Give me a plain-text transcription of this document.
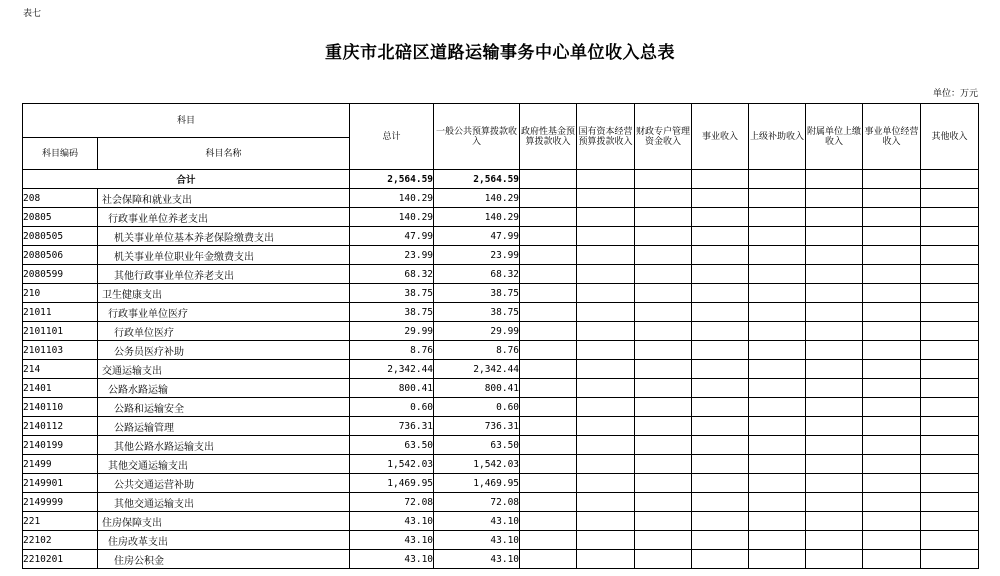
表七
重庆市北碚区道路运输事务中心单位收入总表
单位：万元
科目		总计	一般公共预算拨款收入	政府性基金预算拨款收入	国有资本经营预算拨款收入	财政专户管理资金收入	事业收入	上级补助收入	附属单位上缴收入	事业单位经营收入	其他收入
科目编码	科目名称										
合计		2,564.59	2,564.59								
208	社会保障和就业支出	140.29	140.29								
20805	行政事业单位养老支出	140.29	140.29								
2080505	机关事业单位基本养老保险缴费支出	47.99	47.99								
2080506	机关事业单位职业年金缴费支出	23.99	23.99								
2080599	其他行政事业单位养老支出	68.32	68.32								
210	卫生健康支出	38.75	38.75								
21011	行政事业单位医疗	38.75	38.75								
2101101	行政单位医疗	29.99	29.99								
2101103	公务员医疗补助	8.76	8.76								
214	交通运输支出	2,342.44	2,342.44								
21401	公路水路运输	800.41	800.41								
2140110	公路和运输安全	0.60	0.60								
2140112	公路运输管理	736.31	736.31								
2140199	其他公路水路运输支出	63.50	63.50								
21499	其他交通运输支出	1,542.03	1,542.03								
2149901	公共交通运营补助	1,469.95	1,469.95								
2149999	其他交通运输支出	72.08	72.08								
221	住房保障支出	43.10	43.10								
22102	住房改革支出	43.10	43.10								
2210201	住房公积金	43.10	43.10								
